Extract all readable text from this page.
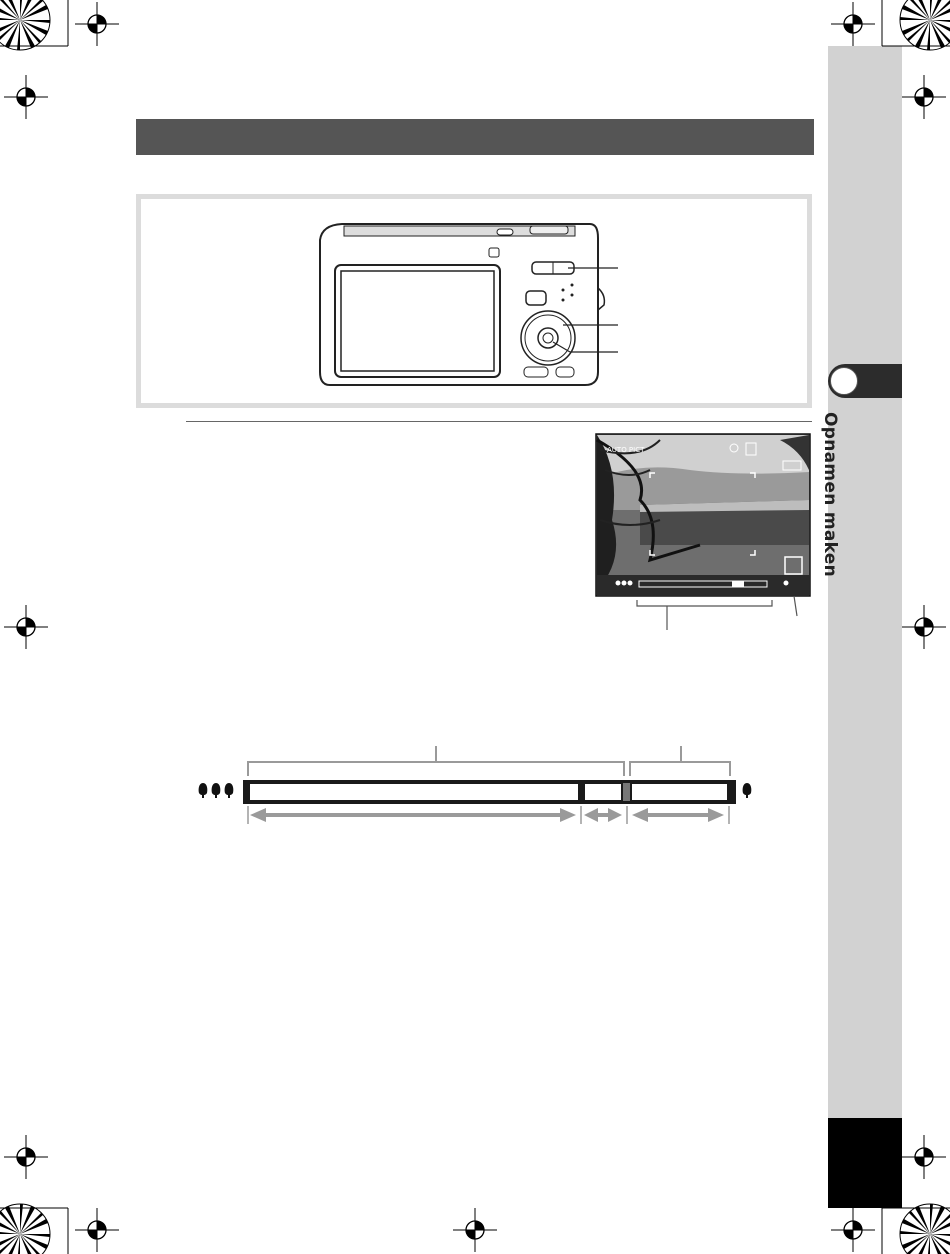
Opnamen maken
AUTO PICT
